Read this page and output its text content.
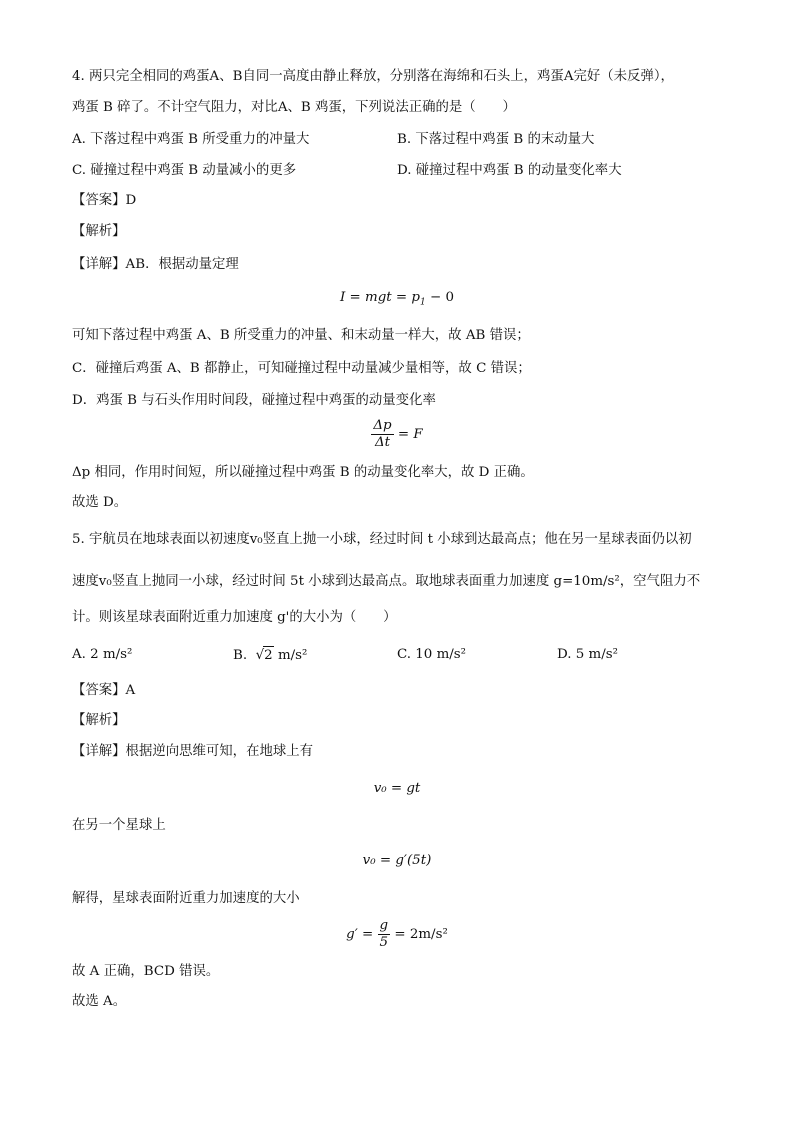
4. 两只完全相同的鸡蛋A、B自同一高度由静止释放，分别落在海绵和石头上，鸡蛋A完好（未反弹），
鸡蛋 B 碎了。不计空气阻力，对比A、B 鸡蛋，下列说法正确的是（　　）
A. 下落过程中鸡蛋 B 所受重力的冲量大	B. 下落过程中鸡蛋 B 的末动量大
C. 碰撞过程中鸡蛋 B 动量减小的更多	D. 碰撞过程中鸡蛋 B 的动量变化率大
【答案】D
【解析】
【详解】AB．根据动量定理
I = mgt = $p_1 - 0$
可知下落过程中鸡蛋 A、B 所受重力的冲量、和末动量一样大，故 AB 错误；
C．碰撞后鸡蛋 A、B 都静止，可知碰撞过程中动量减少量相等，故 C 错误；
D．鸡蛋 B 与石头作用时间段，碰撞过程中鸡蛋的动量变化率
$\frac{\Delta p}{\Delta t} = F$
Δp 相同，作用时间短，所以碰撞过程中鸡蛋 B 的动量变化率大，故 D 正确。
故选 D。
5. 宇航员在地球表面以初速度v₀竖直上抛一小球，经过时间 t 小球到达最高点；他在另一星球表面仍以初
速度v₀竖直上抛同一小球，经过时间 5t 小球到达最高点。取地球表面重力加速度 g=10m/s²，空气阻力不
计。则该星球表面附近重力加速度 g'的大小为（　　）
A. 2 m/s²	B. √2 m/s²	C. 10 m/s²	D. 5 m/s²
【答案】A
【解析】
【详解】根据逆向思维可知，在地球上有
v₀ = gt
在另一个星球上
v₀ = g′(5t)
解得，星球表面附近重力加速度的大小
$g' = \frac{g}{5} = 2m/s^2$
故 A 正确，BCD 错误。
故选 A。
